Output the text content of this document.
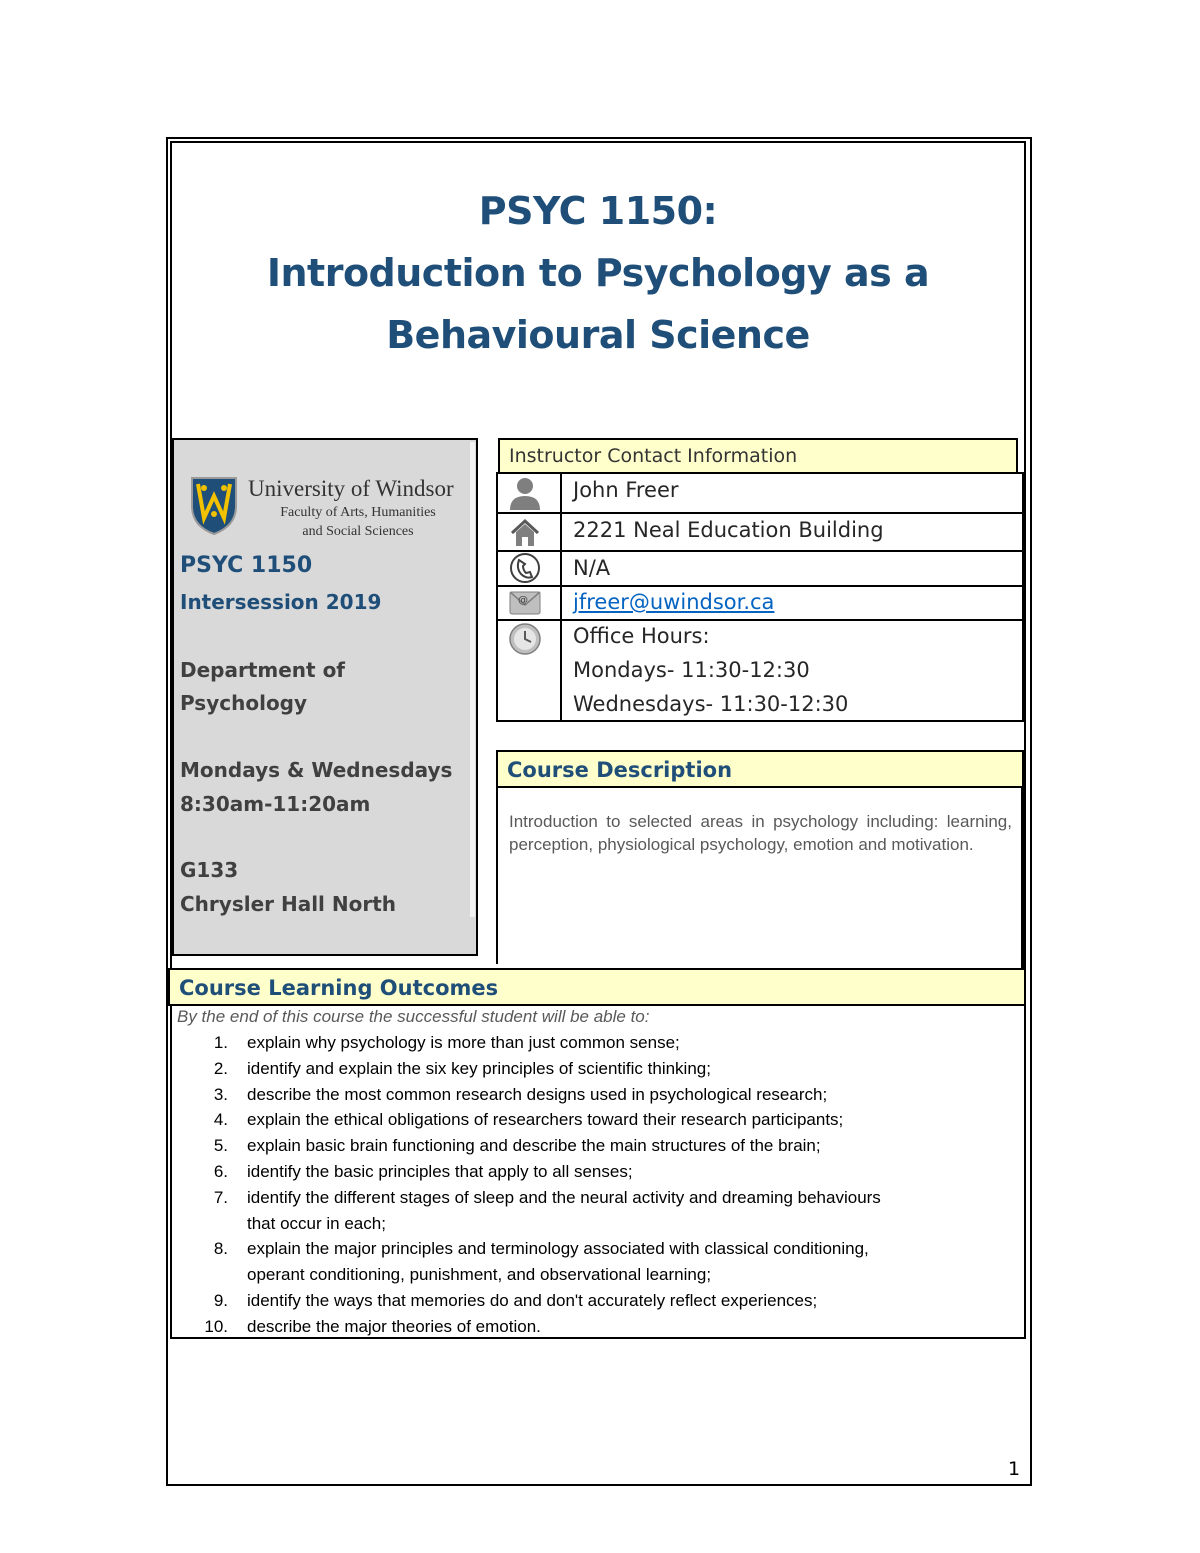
PSYC 1150:
Introduction to Psychology as a
Behavioural Science
University of Windsor
Faculty of Arts, Humanities
and Social Sciences
PSYC 1150
Intersession 2019
Department of
Psychology
Mondays & Wednesdays
8:30am-11:20am
G133
Chrysler Hall North
Instructor Contact Information
@
John Freer
2221 Neal Education Building
N/A
jfreer@uwindsor.ca
Office Hours:
Mondays- 11:30-12:30
Wednesdays- 11:30-12:30
Course Description
Introduction to selected areas in psychology including: learning, perception, physiological psychology, emotion and motivation.
Course Learning Outcomes
By the end of this course the successful student will be able to:
1. explain why psychology is more than just common sense;
2. identify and explain the six key principles of scientific thinking;
3. describe the most common research designs used in psychological research;
4. explain the ethical obligations of researchers toward their research participants;
5. explain basic brain functioning and describe the main structures of the brain;
6. identify the basic principles that apply to all senses;
7. identify the different stages of sleep and the neural activity and dreaming behaviours
that occur in each;
8. explain the major principles and terminology associated with classical conditioning,
operant conditioning, punishment, and observational learning;
9. identify the ways that memories do and don't accurately reflect experiences;
10. describe the major theories of emotion.
1
